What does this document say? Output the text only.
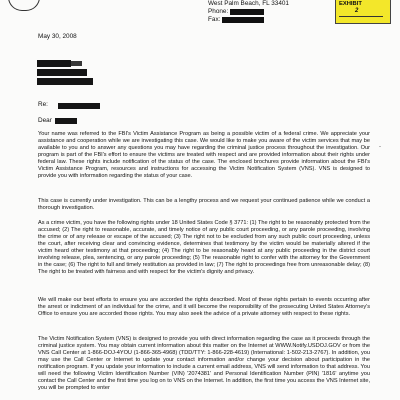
West Palm Beach, FL 33401
Phone:
Fax:
EXHIBIT
2
May 30, 2008
Re:
Dear

Your name was referred to the FBI's Victim Assistance Program as being a possible victim of a federal crime. We appreciate your assistance and cooperation while we are investigating this case. We would like to make you aware of the victim services that may be available to you and to answer any questions you may have regarding the criminal justice process throughout the investigation. Our program is part of the FBI's effort to ensure the victims are treated with respect and are provided information about their rights under federal law. These rights include notification of the status of the case. The enclosed brochures provide information about the FBI's Victim Assistance Program, resources and instructions for accessing the Victim Notification System (VNS). VNS is designed to provide you with information regarding the status of your case.

This case is currently under investigation. This can be a lengthy process and we request your continued patience while we conduct a thorough investigation.

As a crime victim, you have the following rights under 18 United States Code § 3771: (1) The right to be reasonably protected from the accused; (2) The right to reasonable, accurate, and timely notice of any public court proceeding, or any parole proceeding, involving the crime or of any release or escape of the accused; (3) The right not to be excluded from any such public court proceeding, unless the court, after receiving clear and convincing evidence, determines that testimony by the victim would be materially altered if the victim heard other testimony at that proceeding; (4) The right to be reasonably heard at any public proceeding in the district court involving release, plea, sentencing, or any parole proceeding; (5) The reasonable right to confer with the attorney for the Government in the case; (6) The right to full and timely restitution as provided in law; (7) The right to proceedings free from unreasonable delay; (8) The right to be treated with fairness and with respect for the victim's dignity and privacy.

We will make our best efforts to ensure you are accorded the rights described. Most of these rights pertain to events occurring after the arrest or indictment of an individual for the crime, and it will become the responsibility of the prosecuting United States Attorney's Office to ensure you are accorded those rights. You may also seek the advice of a private attorney with respect to these rights.

The Victim Notification System (VNS) is designed to provide you with direct information regarding the case as it proceeds through the criminal justice system. You may obtain current information about this matter on the Internet at WWW.Notify.USDOJ.GOV or from the VNS Call Center at 1-866-DOJ-4YOU (1-866-365-4968) (TDD/TTY: 1-866-228-4619) (International: 1-502-213-2767). In addition, you may use the Call Center or Internet to update your contact information and/or change your decision about participation in the notification program. If you update your information to include a current email address, VNS will send information to that address. You will need the following Victim Identification Number (VIN) '2074381' and Personal Identification Number (PIN) '1816' anytime you contact the Call Center and the first time you log on to VNS on the Internet. In addition, the first time you access the VNS Internet site, you will be prompted to enter
